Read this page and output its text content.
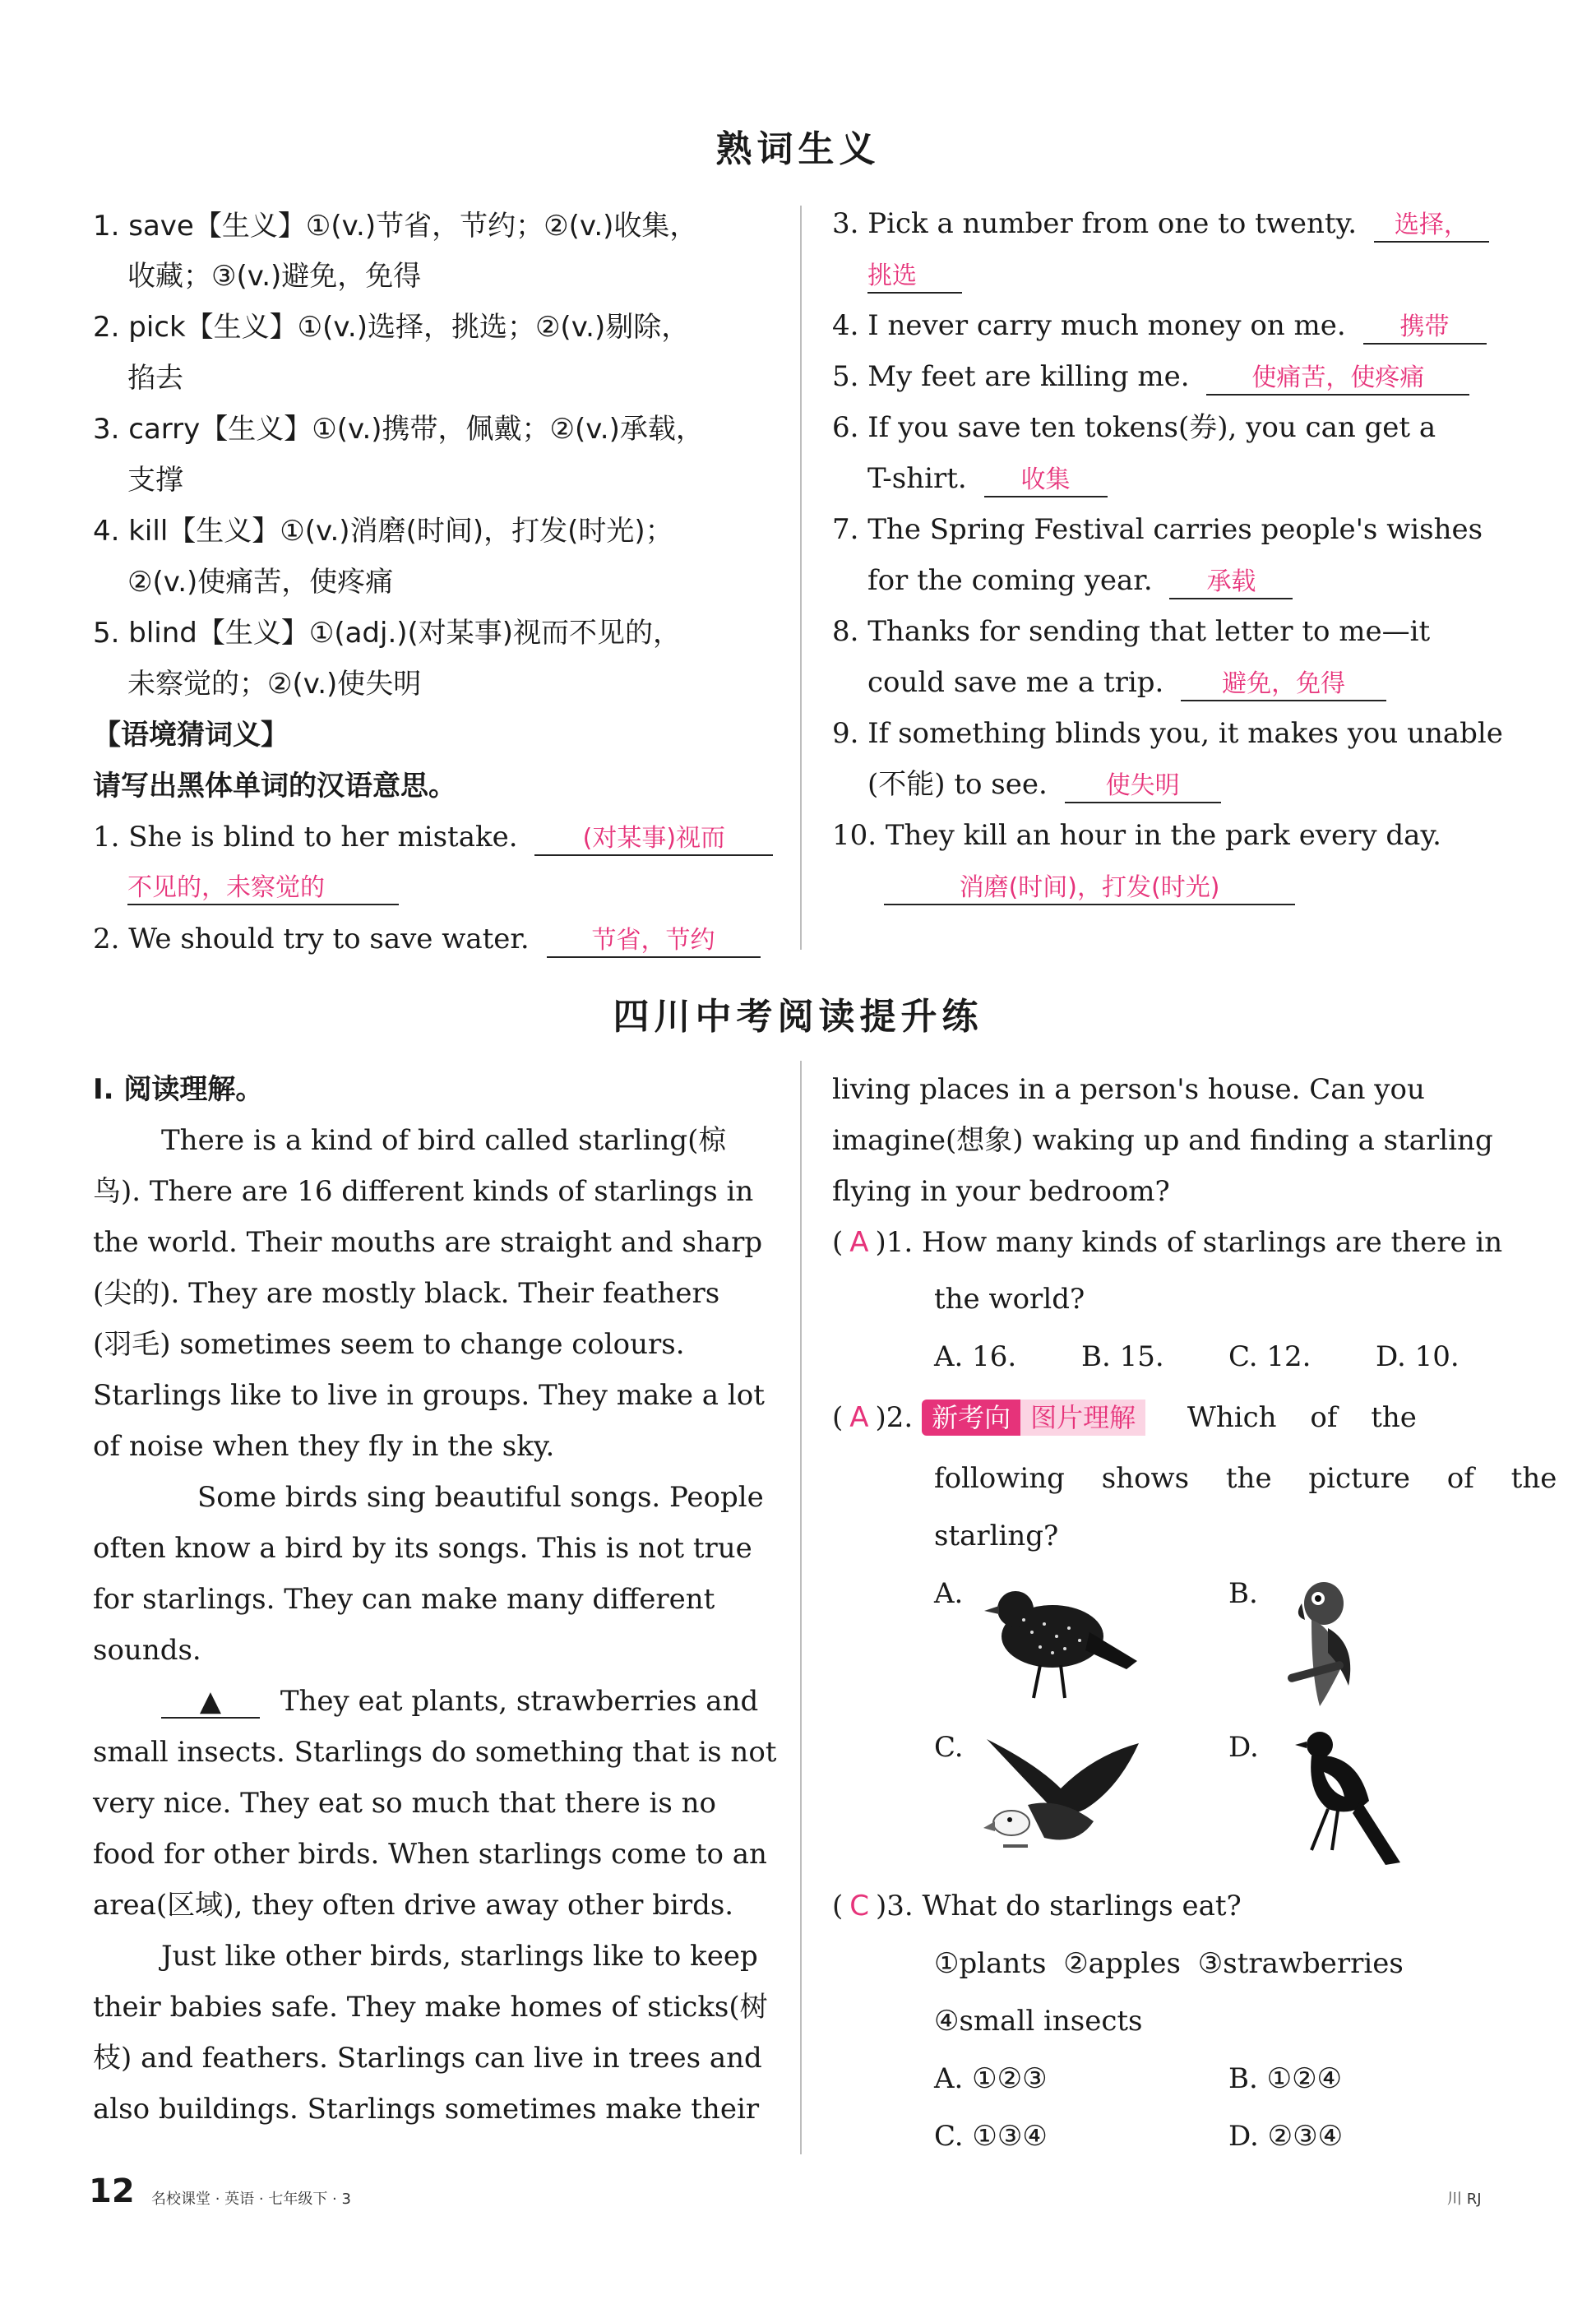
熟词生义
1. save【生义】①(v.)节省，节约；②(v.)收集，
收藏；③(v.)避免，免得
2. pick【生义】①(v.)选择，挑选；②(v.)剔除，
掐去
3. carry【生义】①(v.)携带，佩戴；②(v.)承载，
支撑
4. kill【生义】①(v.)消磨(时间)，打发(时光)；
②(v.)使痛苦，使疼痛
5. blind【生义】①(adj.)(对某事)视而不见的，
未察觉的；②(v.)使失明
【语境猜词义】
请写出黑体单词的汉语意思。
1. She is blind to her mistake.	(对某事)视而
不见的，未察觉的
2. We should try to save water.	节省，节约
3. Pick a number from one to twenty. 选择，
挑选
4. I never carry much money on me. 携带
5. My feet are killing me.	使痛苦，使疼痛
6. If you save ten tokens(券), you can get a
T-shirt. 收集
7. The Spring Festival carries people's wishes
for the coming year. 承载
8. Thanks for sending that letter to me—it
could save me a trip. 避免，免得
9. If something blinds you, it makes you unable
(不能) to see. 使失明
10. They kill an hour in the park every day.
消磨(时间)，打发(时光)
四川中考阅读提升练
Ⅰ. 阅读理解。
There is a kind of bird called starling(椋
鸟). There are 16 different kinds of starlings in
the world. Their mouths are straight and sharp
(尖的). They are mostly black. Their feathers
(羽毛) sometimes seem to change colours.
Starlings like to live in groups. They make a lot
of noise when they fly in the sky.
Some birds sing beautiful songs. People
often know a bird by its songs. This is not true
for starlings. They can make many different
sounds.
▲ They eat plants, strawberries and
small insects. Starlings do something that is not
very nice. They eat so much that there is no
food for other birds. When starlings come to an
area(区域), they often drive away other birds.
Just like other birds, starlings like to keep
their babies safe. They make homes of sticks(树
枝) and feathers. Starlings can live in trees and
also buildings. Starlings sometimes make their
living places in a person's house. Can you
imagine(想象) waking up and finding a starling
flying in your bedroom?
( A )1. How many kinds of starlings are there in
the world?
A. 16. B. 15. C. 12. D. 10.
( A )2. 新考向 图片理解 Which of the
following shows the picture of the
starling?
A.	B.
C.	D.
( C )3. What do starlings eat?
①plants ②apples ③strawberries
④small insects
A. ①②③	B. ①②④
C. ①③④	D. ②③④
12 名校课堂 · 英语 · 七年级下 · 3	川 RJ
